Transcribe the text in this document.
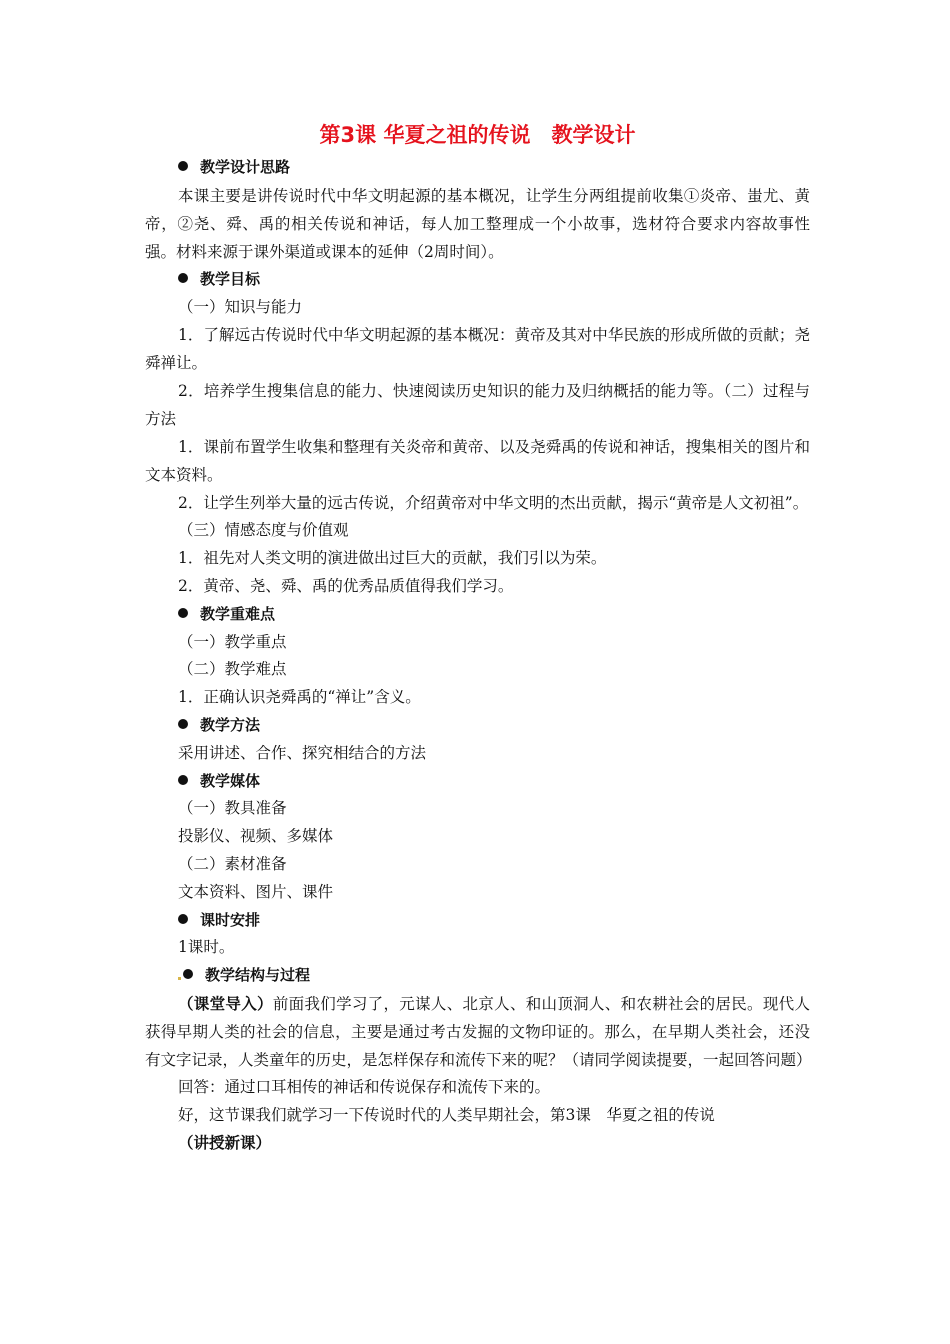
第3课 华夏之祖的传说　教学设计
教学设计思路

本课主要是讲传说时代中华文明起源的基本概况，让学生分两组提前收集①炎帝、蚩尤、黄帝，②尧、舜、禹的相关传说和神话，每人加工整理成一个小故事，选材符合要求内容故事性强。材料来源于课外渠道或课本的延伸（2周时间）。

教学目标
（一）知识与能力

1．了解远古传说时代中华文明起源的基本概况：黄帝及其对中华民族的形成所做的贡献；尧舜禅让。

2．培养学生搜集信息的能力、快速阅读历史知识的能力及归纳概括的能力等。（二）过程与方法

1．课前布置学生收集和整理有关炎帝和黄帝、以及尧舜禹的传说和神话，搜集相关的图片和文本资料。

2．让学生列举大量的远古传说，介绍黄帝对中华文明的杰出贡献，揭示“黄帝是人文初祖”。

（三）情感态度与价值观
1．祖先对人类文明的演进做出过巨大的贡献，我们引以为荣。
2．黄帝、尧、舜、禹的优秀品质值得我们学习。
教学重难点
（一）教学重点
（二）教学难点
1．正确认识尧舜禹的“禅让”含义。
教学方法
采用讲述、合作、探究相结合的方法
教学媒体
（一）教具准备
投影仪、视频、多媒体
（二）素材准备
文本资料、图片、课件
课时安排
1课时。
教学结构与过程

（课堂导入）前面我们学习了，元谋人、北京人、和山顶洞人、和农耕社会的居民。现代人获得早期人类的社会的信息，主要是通过考古发掘的文物印证的。那么，在早期人类社会，还没有文字记录，人类童年的历史，是怎样保存和流传下来的呢？（请同学阅读提要，一起回答问题）

回答：通过口耳相传的神话和传说保存和流传下来的。
好，这节课我们就学习一下传说时代的人类早期社会，第3课　华夏之祖的传说
（讲授新课）
